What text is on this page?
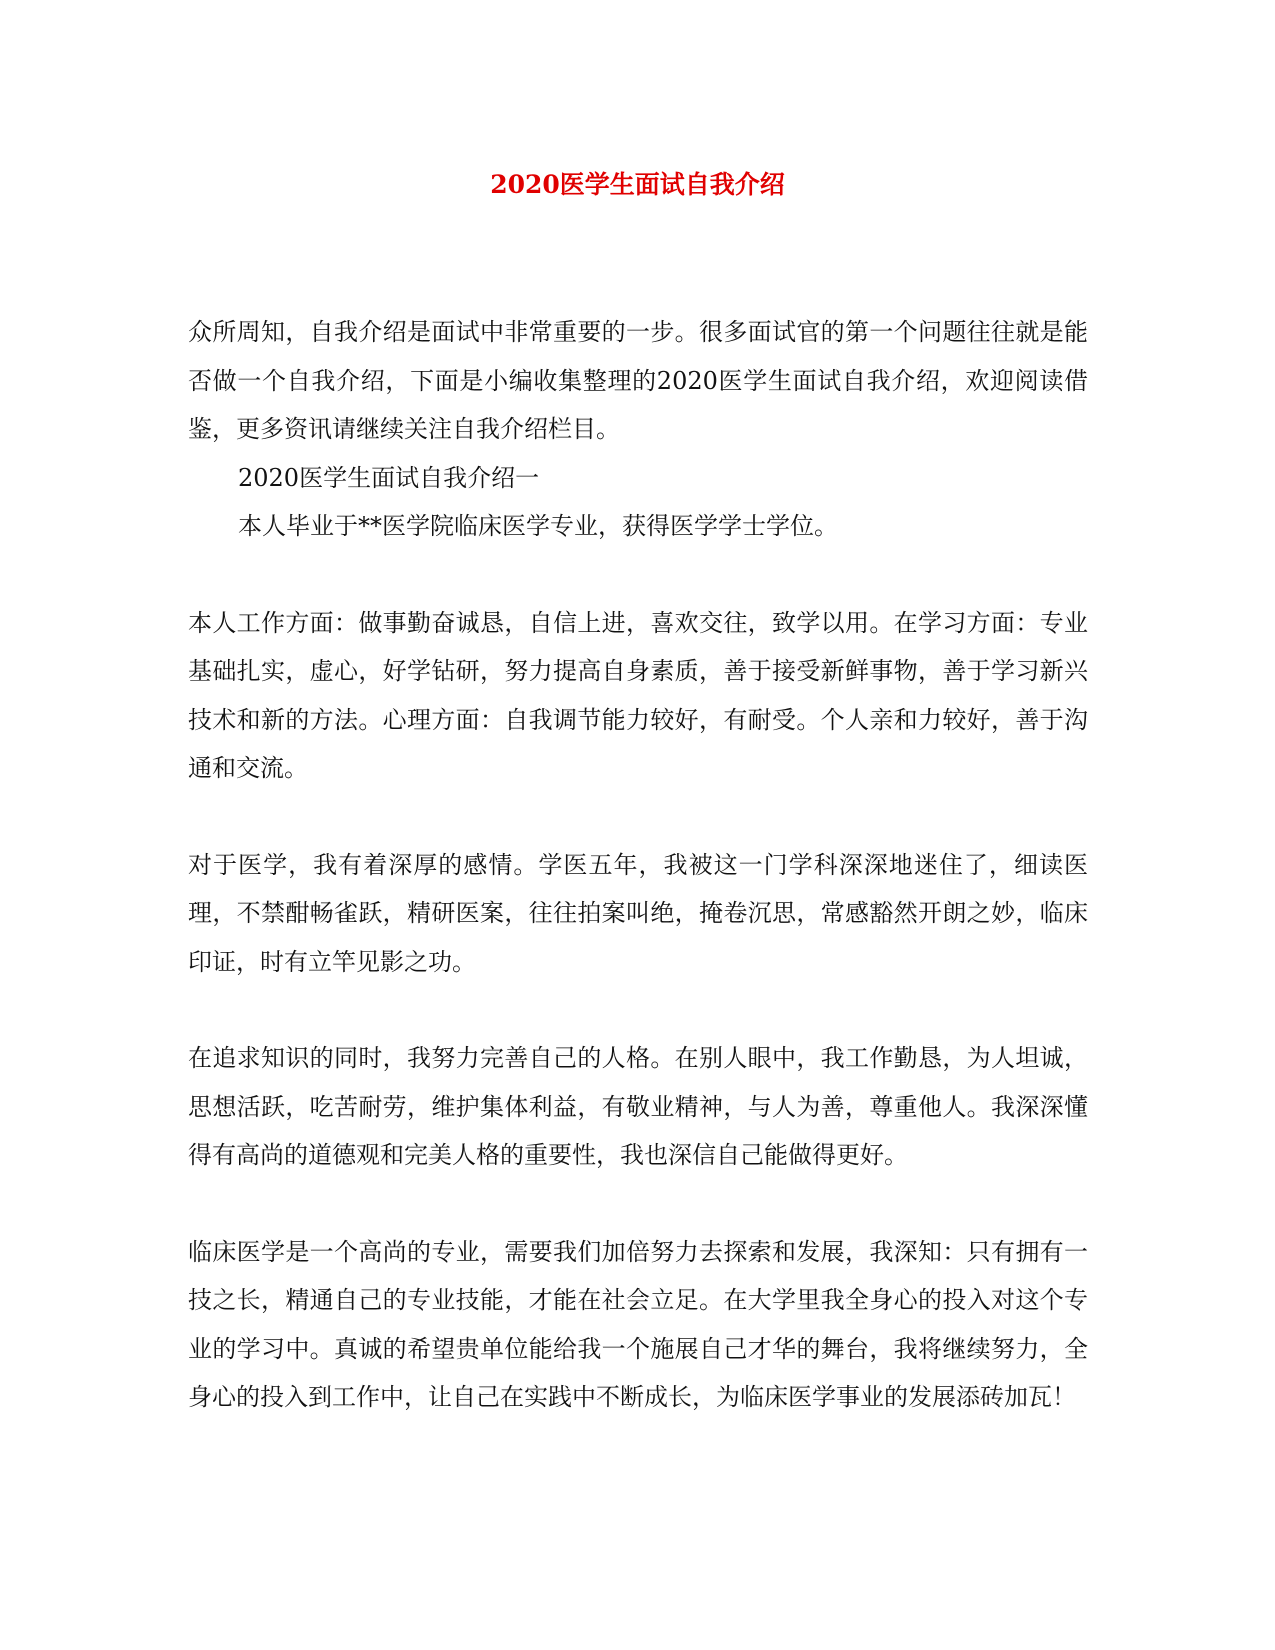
2020医学生面试自我介绍

众所周知，自我介绍是面试中非常重要的一步。很多面试官的第一个问题往往就是能否做一个自我介绍，下面是小编收集整理的2020医学生面试自我介绍，欢迎阅读借鉴，更多资讯请继续关注自我介绍栏目。

2020医学生面试自我介绍一

本人毕业于**医学院临床医学专业，获得医学学士学位。

本人工作方面：做事勤奋诚恳，自信上进，喜欢交往，致学以用。在学习方面：专业基础扎实，虚心，好学钻研，努力提高自身素质，善于接受新鲜事物，善于学习新兴技术和新的方法。心理方面：自我调节能力较好，有耐受。个人亲和力较好，善于沟通和交流。

对于医学，我有着深厚的感情。学医五年，我被这一门学科深深地迷住了，细读医理，不禁酣畅雀跃，精研医案，往往拍案叫绝，掩卷沉思，常感豁然开朗之妙，临床印证，时有立竿见影之功。

在追求知识的同时，我努力完善自己的人格。在别人眼中，我工作勤恳，为人坦诚，思想活跃，吃苦耐劳，维护集体利益，有敬业精神，与人为善，尊重他人。我深深懂得有高尚的道德观和完美人格的重要性，我也深信自己能做得更好。

临床医学是一个高尚的专业，需要我们加倍努力去探索和发展，我深知：只有拥有一技之长，精通自己的专业技能，才能在社会立足。在大学里我全身心的投入对这个专业的学习中。真诚的希望贵单位能给我一个施展自己才华的舞台，我将继续努力，全身心的投入到工作中，让自己在实践中不断成长，为临床医学事业的发展添砖加瓦！
